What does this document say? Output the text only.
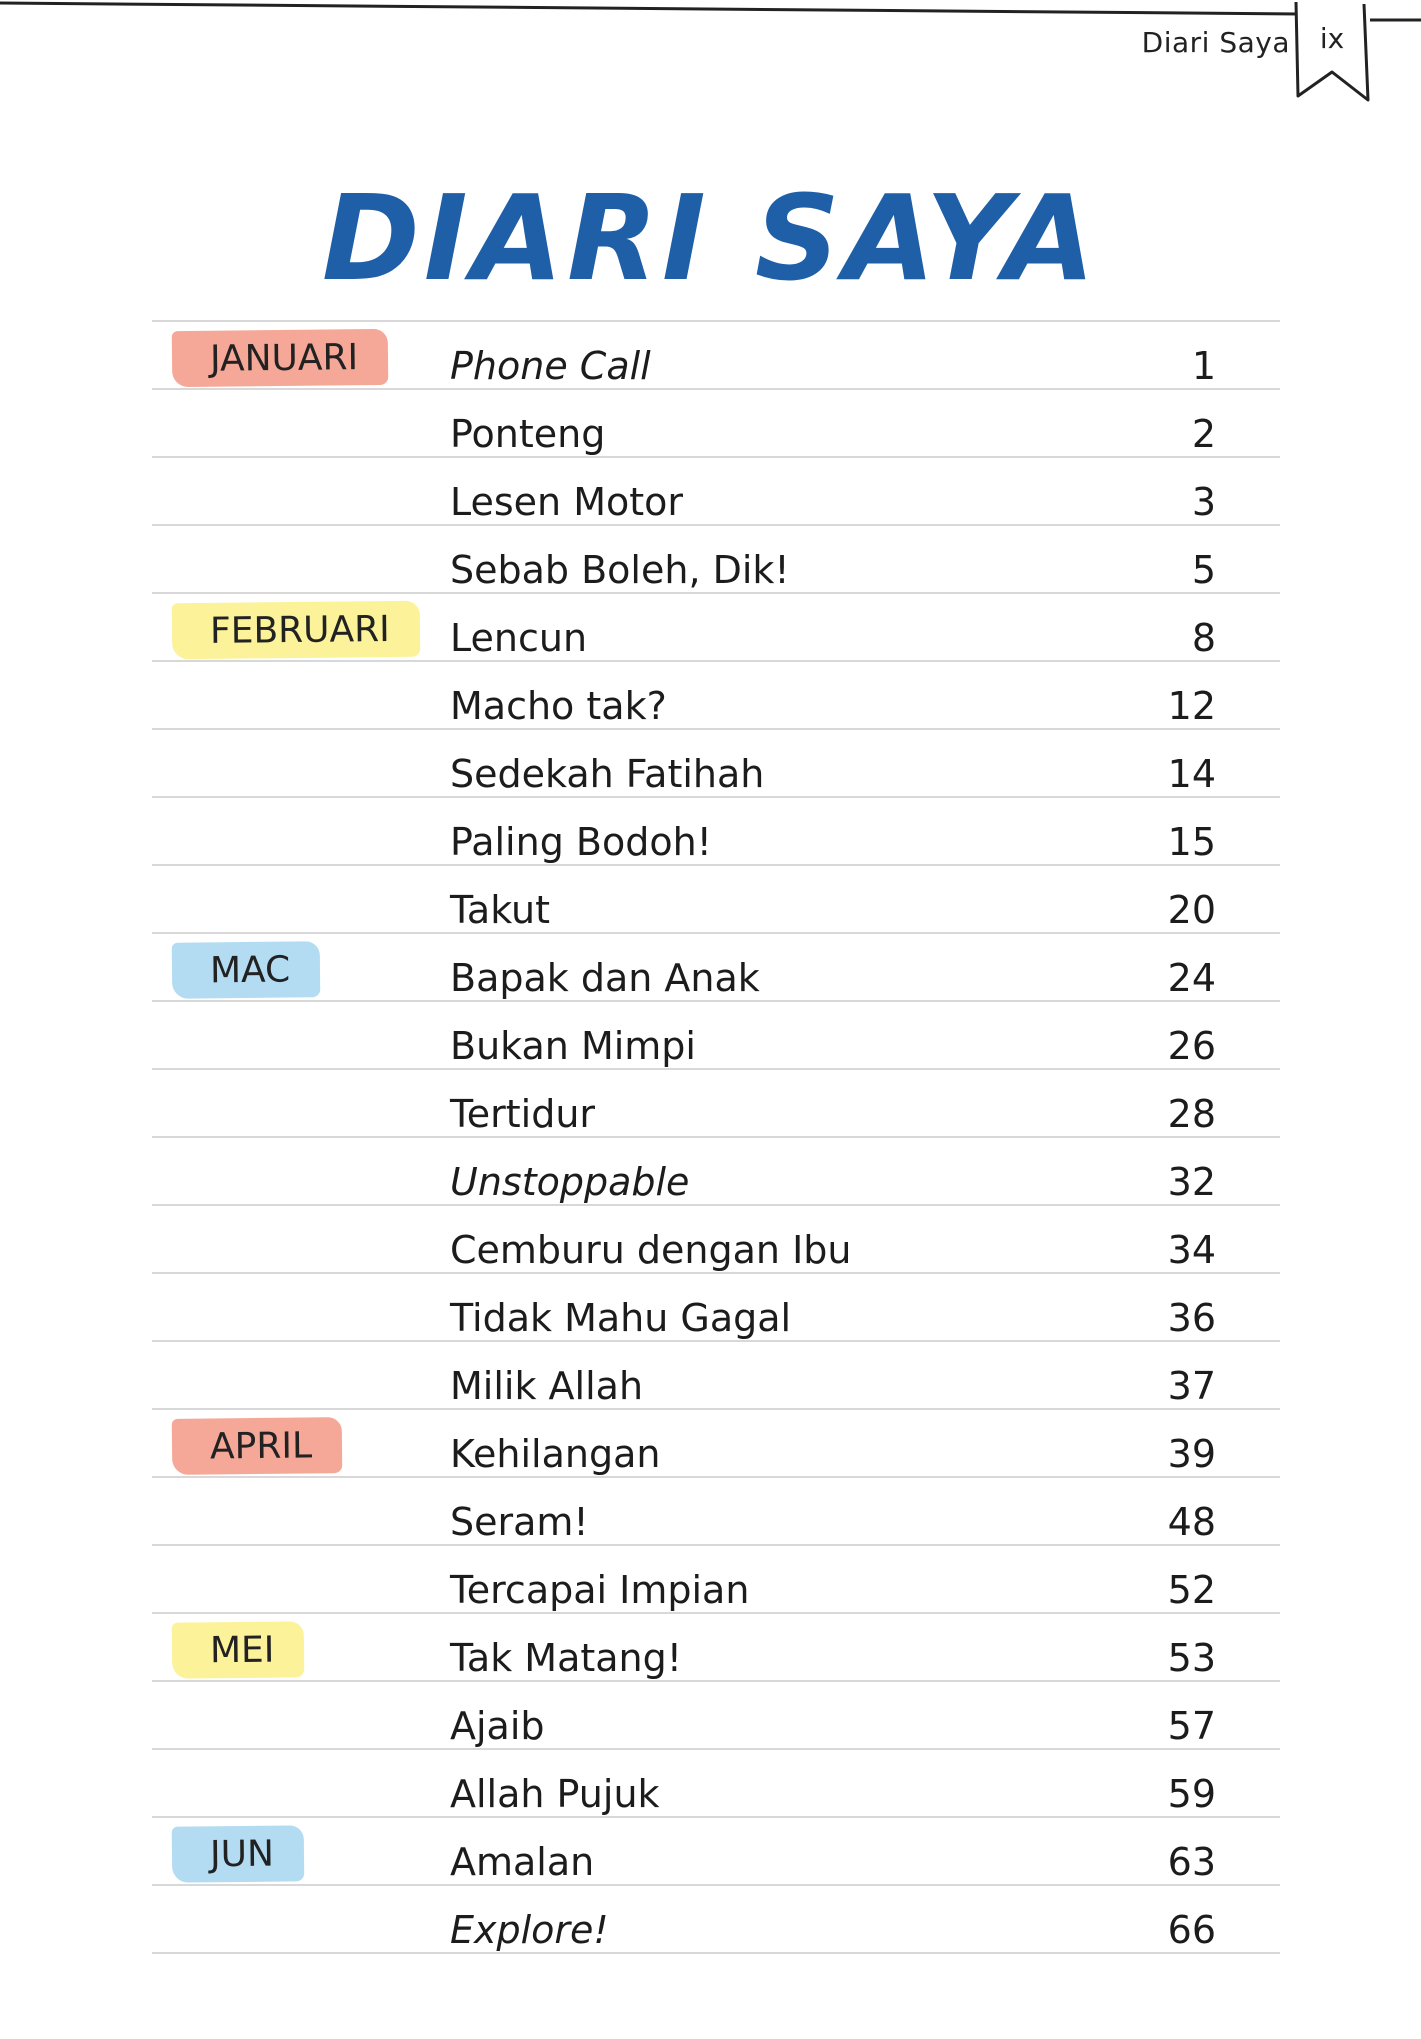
Diari Saya	ix
DIARI SAYA
JANUARI	Phone Call	1
Ponteng	2
Lesen Motor	3
Sebab Boleh, Dik!	5
FEBRUARI	Lencun	8
Macho tak?	12
Sedekah Fatihah	14
Paling Bodoh!	15
Takut	20
MAC	Bapak dan Anak	24
Bukan Mimpi	26
Tertidur	28
Unstoppable	32
Cemburu dengan Ibu	34
Tidak Mahu Gagal	36
Milik Allah	37
APRIL	Kehilangan	39
Seram!	48
Tercapai Impian	52
MEI	Tak Matang!	53
Ajaib	57
Allah Pujuk	59
JUN	Amalan	63
Explore!	66
